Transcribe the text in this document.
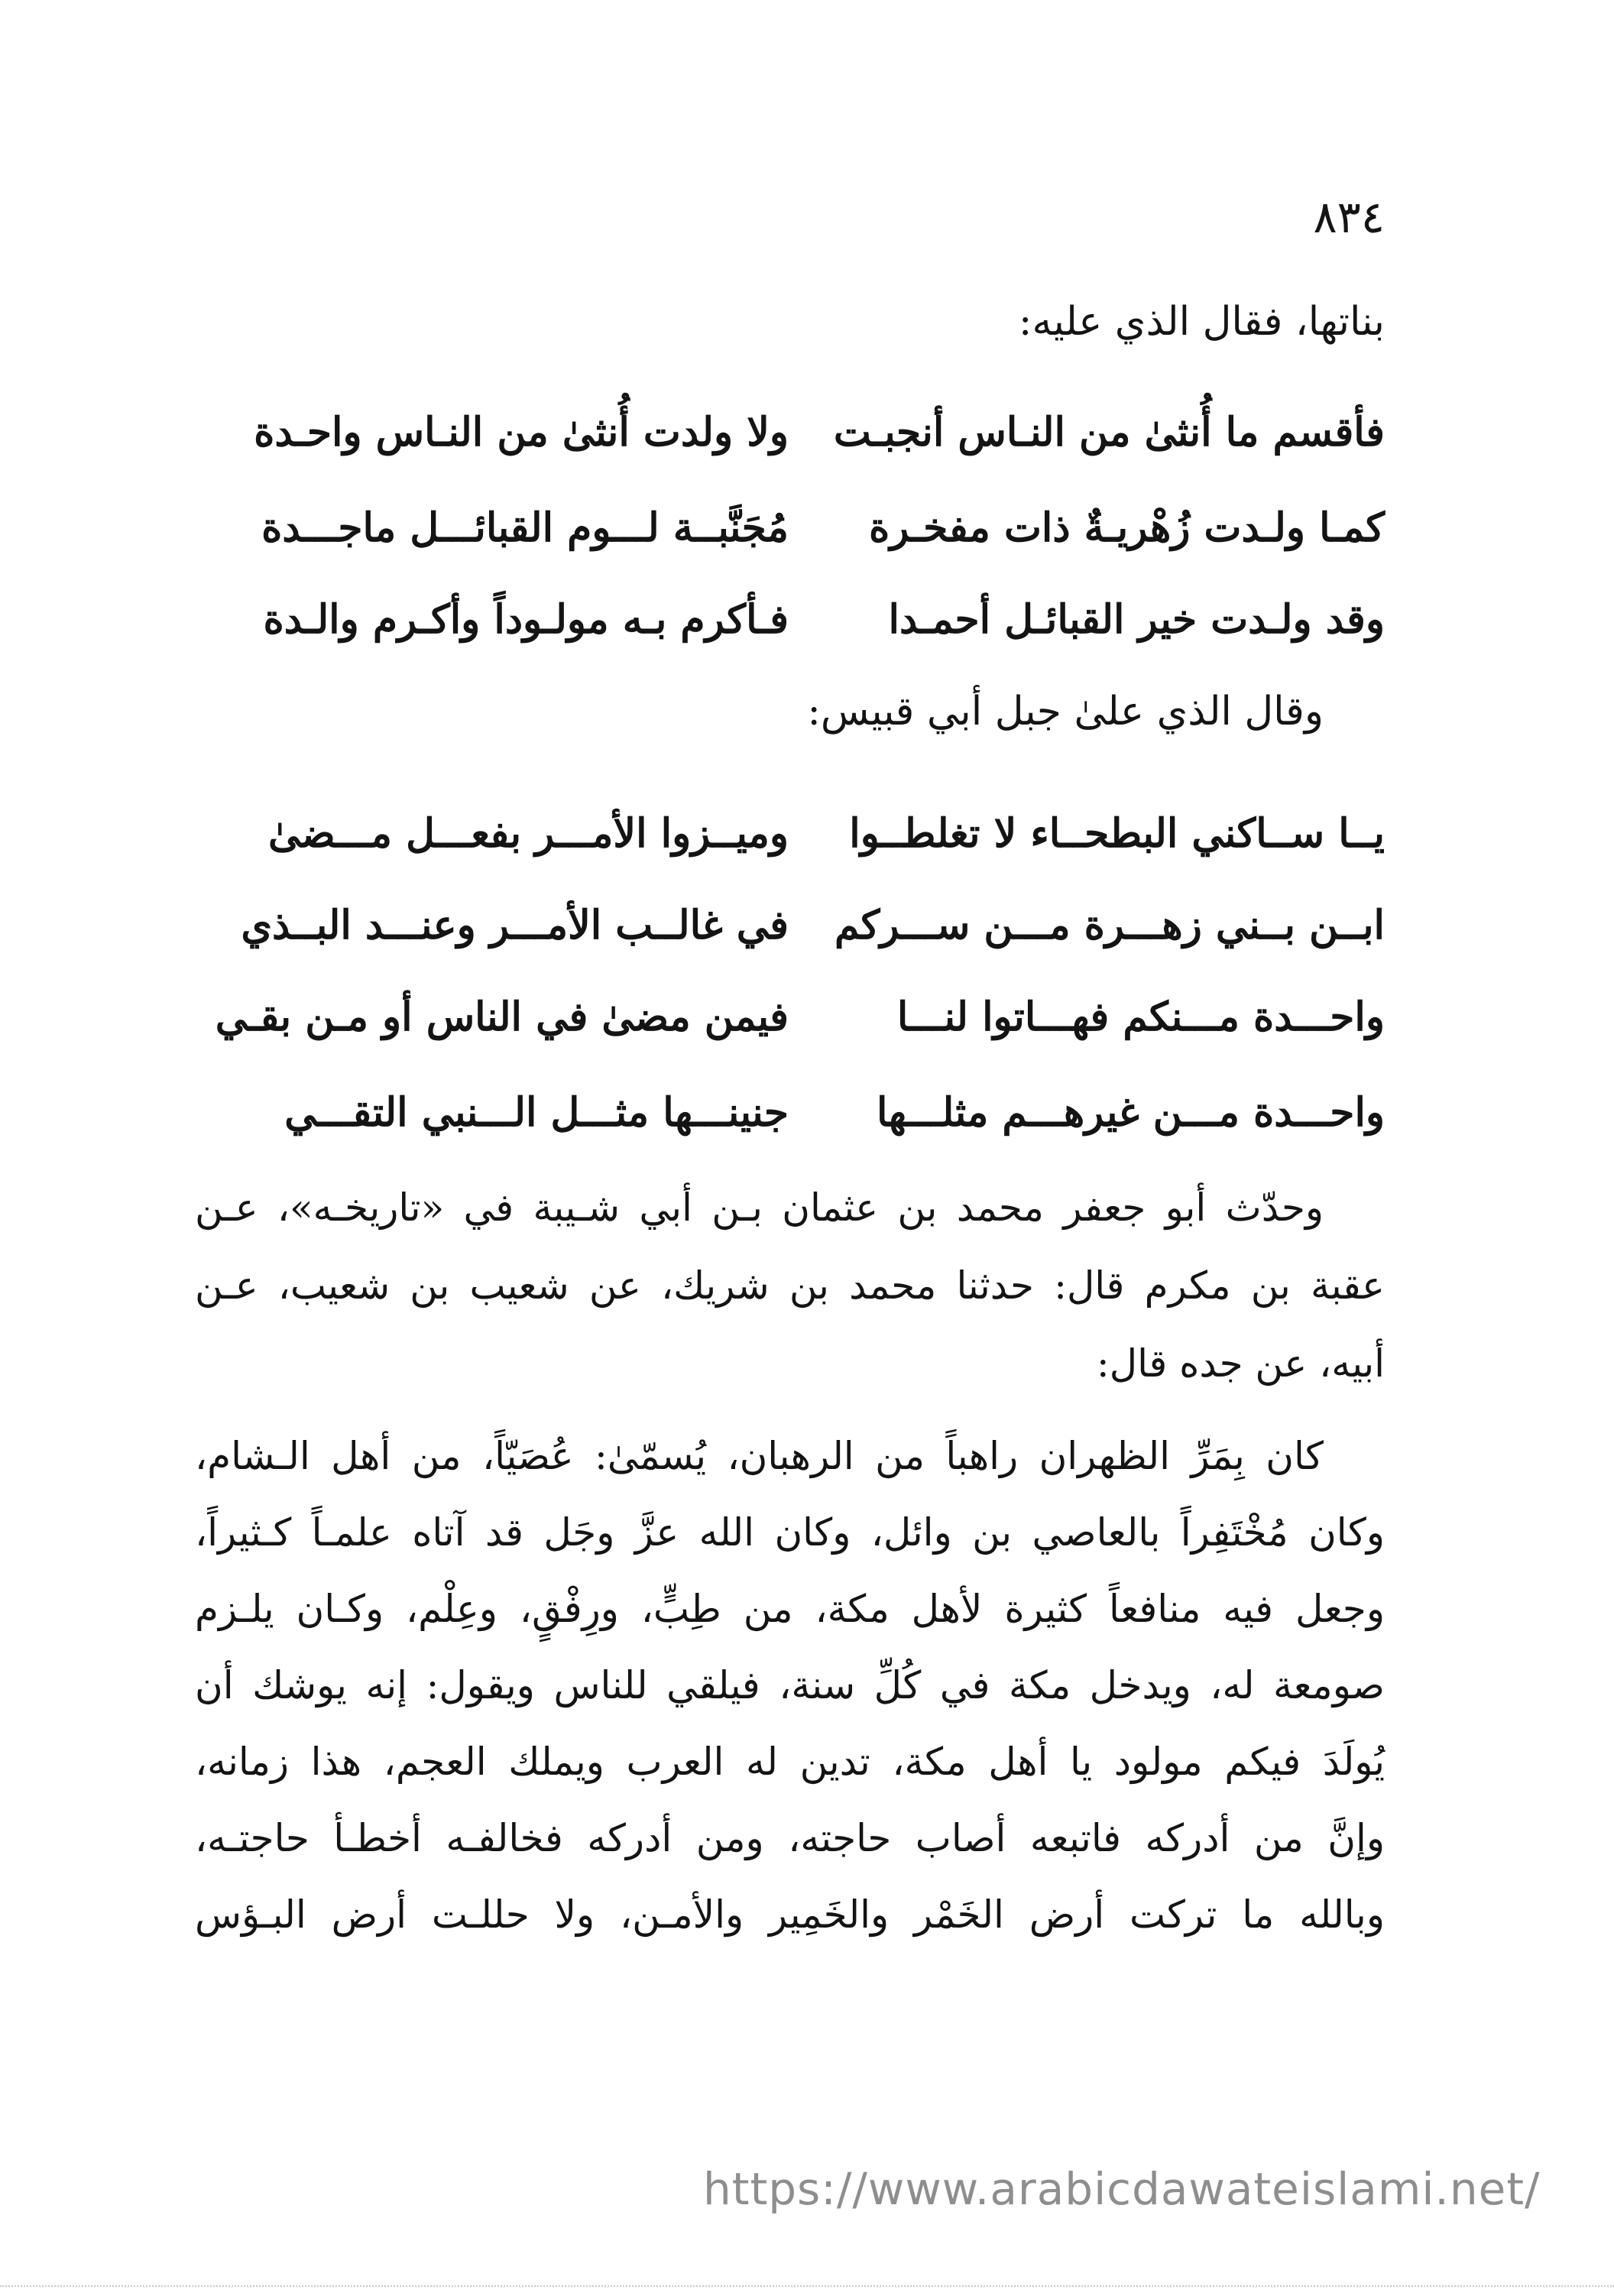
٨٣٤
بناتها، فقال الذي عليه:
فأقسم ما أُنثىٰ من النـاس أنجبـت
ولا ولدت أُنثىٰ من النـاس واحـدة
كمـا ولـدت زُهْريـةٌ ذات مفخـرة
مُجَنَّبــة لـــوم القبائـــل ماجـــدة
وقد ولـدت خير القبائـل أحمـدا
فـأكرم بـه مولـوداً وأكـرم والـدة
وقال الذي علىٰ جبل أبي قبيس:
يــا ســاكني البطحــاء لا تغلطــوا
وميــزوا الأمـــر بفعـــل مـــضىٰ
ابــن بــني زهـــرة مـــن ســـركم
في غالــب الأمـــر وعنـــد البــذي
واحـــدة مـــنكم فهـــاتوا لنـــا
فيمن مضىٰ في الناس أو مـن بقـي
واحـــدة مـــن غيرهـــم مثلـــها
جنينـــها مثـــل الـــنبي التقـــي
وحدّث أبو جعفر محمد بن عثمان بـن أبي شـيبة في «تاريخـه»، عـن
عقبة بن مكرم قال: حدثنا محمد بن شريك، عن شعيب بن شعيب، عـن
أبيه، عن جده قال:
كان بِمَرِّ الظهران راهباً من الرهبان، يُسمّىٰ: عُصَيّاً، من أهل الـشام،
وكان مُخْتَفِراً بالعاصي بن وائل، وكان الله عزَّ وجَل قد آتاه علمـاً كـثيراً،
وجعل فيه منافعاً كثيرة لأهل مكة، من طِبٍّ، ورِفْقٍ، وعِلْم، وكـان يلـزم
صومعة له، ويدخل مكة في كُلِّ سنة، فيلقي للناس ويقول: إنه يوشك أن
يُولَدَ فيكم مولود يا أهل مكة، تدين له العرب ويملك العجم، هذا زمانه،
وإنَّ من أدركه فاتبعه أصاب حاجته، ومن أدركه فخالفـه أخطـأ حاجتـه،
وبالله ما تركت أرض الخَمْر والخَمِير والأمـن، ولا حللـت أرض البـؤس
https://www.arabicdawateislami.net/
